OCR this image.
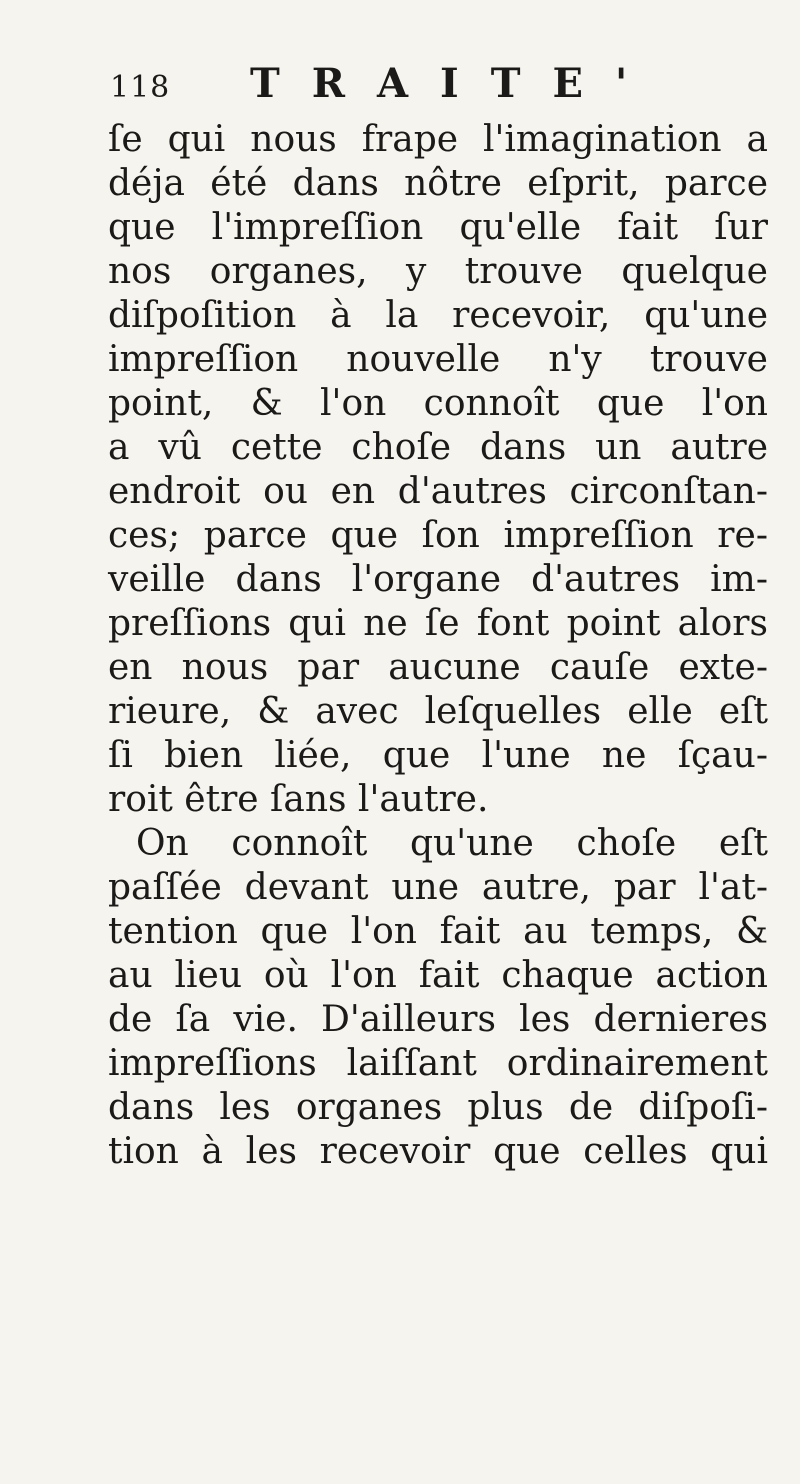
118 TRAITE'
ſe qui nous frape l'imagination a
déja été dans nôtre eſprit, parce
que l'impreſſion qu'elle fait ſur
nos organes, y trouve quelque
diſpoſition à la recevoir, qu'une
impreſſion nouvelle n'y trouve
point, & l'on connoît que l'on
a vû cette choſe dans un autre
endroit ou en d'autres circonſtan-
ces; parce que ſon impreſſion re-
veille dans l'organe d'autres im-
preſſions qui ne ſe font point alors
en nous par aucune cauſe exte-
rieure, & avec leſquelles elle eſt
ſi bien liée, que l'une ne ſçau-
roit être ſans l'autre.
On connoît qu'une choſe eſt
paſſée devant une autre, par l'at-
tention que l'on fait au temps, &
au lieu où l'on fait chaque action
de ſa vie. D'ailleurs les dernieres
impreſſions laiſſant ordinairement
dans les organes plus de diſpoſi-
tion à les recevoir que celles qui
